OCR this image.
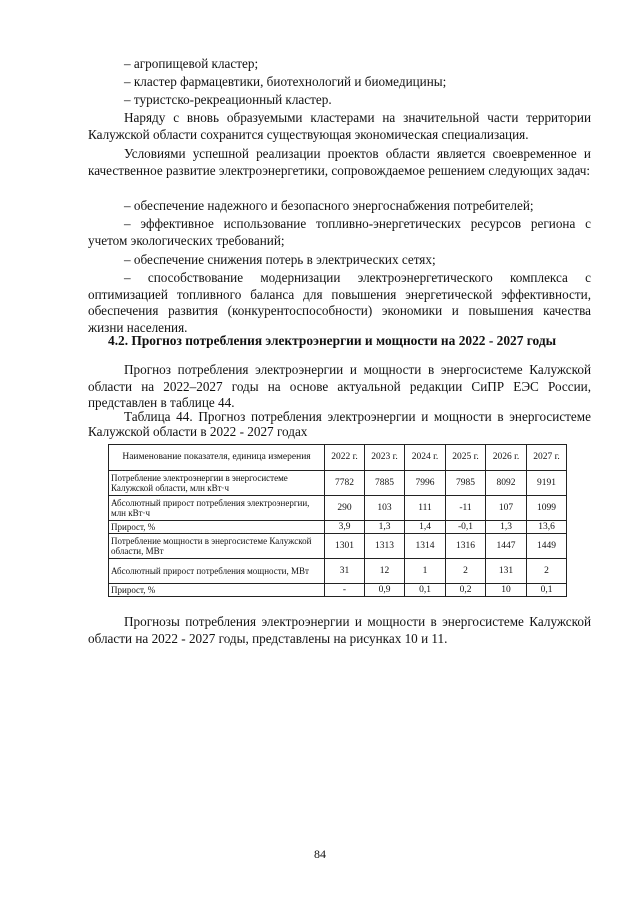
– агропищевой кластер;

– кластер фармацевтики, биотехнологий и биомедицины;

– туристско-рекреационный кластер.

Наряду с вновь образуемыми кластерами на значительной части территории Калужской области сохранится существующая экономическая специализация.

Условиями успешной реализации проектов области является своевременное и качественное развитие электроэнергетики, сопровождаемое решением следующих задач:

– обеспечение надежного и безопасного энергоснабжения потребителей;

– эффективное использование топливно-энергетических ресурсов региона с учетом экологических требований;

– обеспечение снижения потерь в электрических сетях;

– способствование модернизации электроэнергетического комплекса с оптимизацией топливного баланса для повышения энергетической эффективности, обеспечения развития (конкурентоспособности) экономики и повышения качества жизни населения.

4.2. Прогноз потребления электроэнергии и мощности на 2022 - 2027 годы

Прогноз потребления электроэнергии и мощности в энергосистеме Калужской области на 2022–2027 годы на основе актуальной редакции СиПР ЕЭС России, представлен в таблице 44.

Таблица 44. Прогноз потребления электроэнергии и мощности в энергосистеме Калужской области в 2022 - 2027 годах

Наименование показателя, единица измерения	2022 г.	2023 г.	2024 г.	2025 г.	2026 г.	2027 г.
Потребление электроэнергии в энергосистеме Калужской области, млн кВт·ч	7782	7885	7996	7985	8092	9191
Абсолютный прирост потребления электроэнергии, млн кВт·ч	290	103	111	-11	107	1099
Прирост, %	3,9	1,3	1,4	-0,1	1,3	13,6
Потребление мощности в энергосистеме Калужской области, МВт	1301	1313	1314	1316	1447	1449
Абсолютный прирост потребления мощности, МВт	31	12	1	2	131	2
Прирост, %	-	0,9	0,1	0,2	10	0,1

Прогнозы потребления электроэнергии и мощности в энергосистеме Калужской области на 2022 - 2027 годы, представлены на рисунках 10 и 11.

84
